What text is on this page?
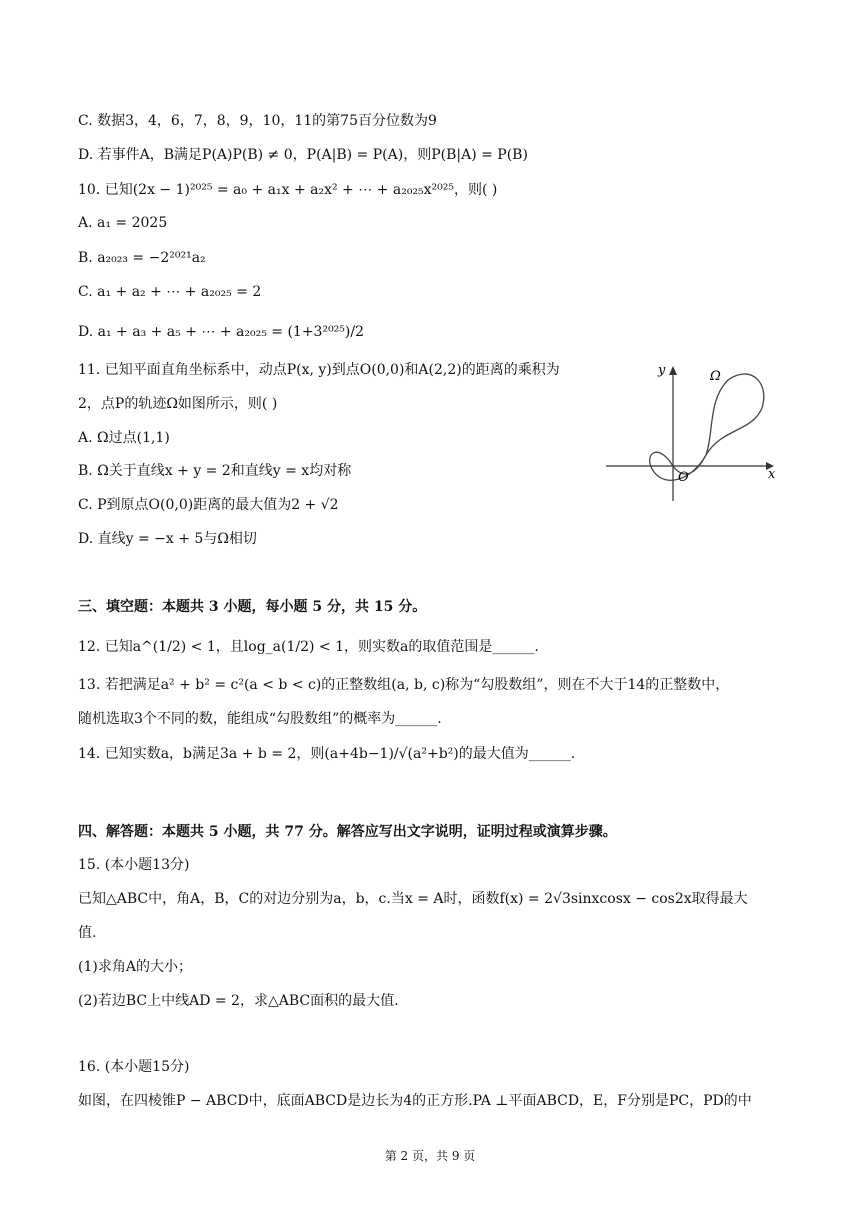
C. 数据3，4，6，7，8，9，10，11的第75百分位数为9
D. 若事件A，B满足P(A)P(B) ≠ 0，P(A|B) = P(A)，则P(B|A) = P(B)
10. 已知(2x − 1)²⁰²⁵ = a₀ + a₁x + a₂x² + ⋯ + a₂₀₂₅x²⁰²⁵，则( )
A. a₁ = 2025
B. a₂₀₂₃ = −2²⁰²¹a₂
C. a₁ + a₂ + ⋯ + a₂₀₂₅ = 2
D. a₁ + a₃ + a₅ + ⋯ + a₂₀₂₅ = (1+3²⁰²⁵)/2
11. 已知平面直角坐标系中，动点P(x, y)到点O(0,0)和A(2,2)的距离的乘积为
2，点P的轨迹Ω如图所示，则( )
A. Ω过点(1,1)
B. Ω关于直线x + y = 2和直线y = x均对称
C. P到原点O(0,0)距离的最大值为2 + √2
D. 直线y = −x + 5与Ω相切
y
x
O
Ω
三、填空题：本题共 3 小题，每小题 5 分，共 15 分。
12. 已知a^(1/2) < 1，且log_a(1/2) < 1，则实数a的取值范围是______.
13. 若把满足a² + b² = c²(a < b < c)的正整数组(a, b, c)称为“勾股数组”，则在不大于14的正整数中，
随机选取3个不同的数，能组成“勾股数组”的概率为______.
14. 已知实数a，b满足3a + b = 2，则(a+4b−1)/√(a²+b²)的最大值为______.
四、解答题：本题共 5 小题，共 77 分。解答应写出文字说明，证明过程或演算步骤。
15. (本小题13分)
已知△ABC中，角A，B，C的对边分别为a，b，c.当x = A时，函数f(x) = 2√3sinxcosx − cos2x取得最大
值.
(1)求角A的大小；
(2)若边BC上中线AD = 2，求△ABC面积的最大值.
16. (本小题15分)
如图，在四棱锥P − ABCD中，底面ABCD是边长为4的正方形.PA ⊥平面ABCD，E，F分别是PC，PD的中
第 2 页，共 9 页
